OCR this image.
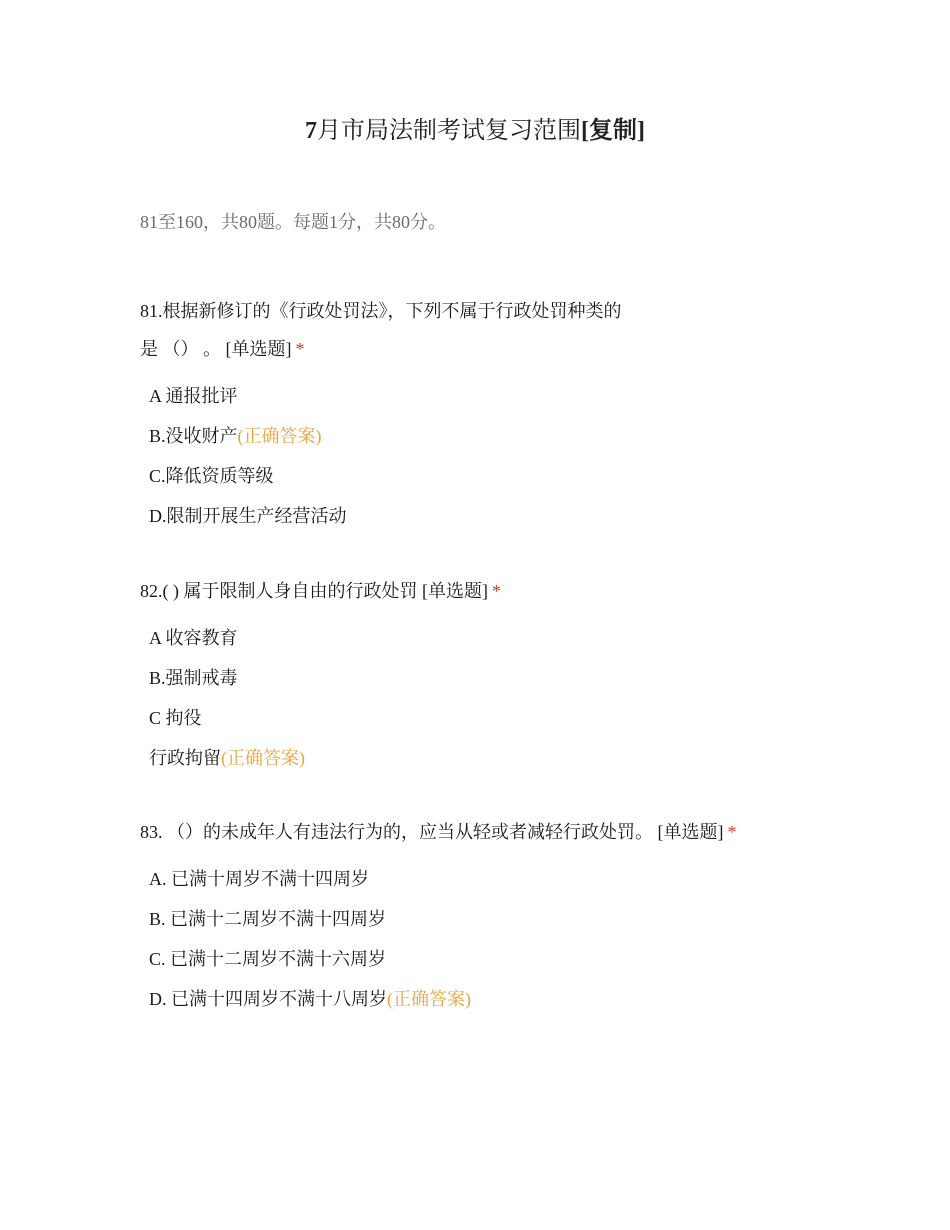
7月市局法制考试复习范围[复制]
81至160，共80题。每题1分，共80分。
81.根据新修订的《行政处罚法》，下列不属于行政处罚种类的
是 （） 。 [单选题] *
A 通报批评
B.没收财产(正确答案)
C.降低资质等级
D.限制开展生产经营活动
82.( ) 属于限制人身自由的行政处罚 [单选题] *
A 收容教育
B.强制戒毒
C 拘役
行政拘留(正确答案)
83. （）的未成年人有违法行为的，应当从轻或者减轻行政处罚。 [单选题] *
A. 已满十周岁不满十四周岁
B. 已满十二周岁不满十四周岁
C. 已满十二周岁不满十六周岁
D. 已满十四周岁不满十八周岁(正确答案)
